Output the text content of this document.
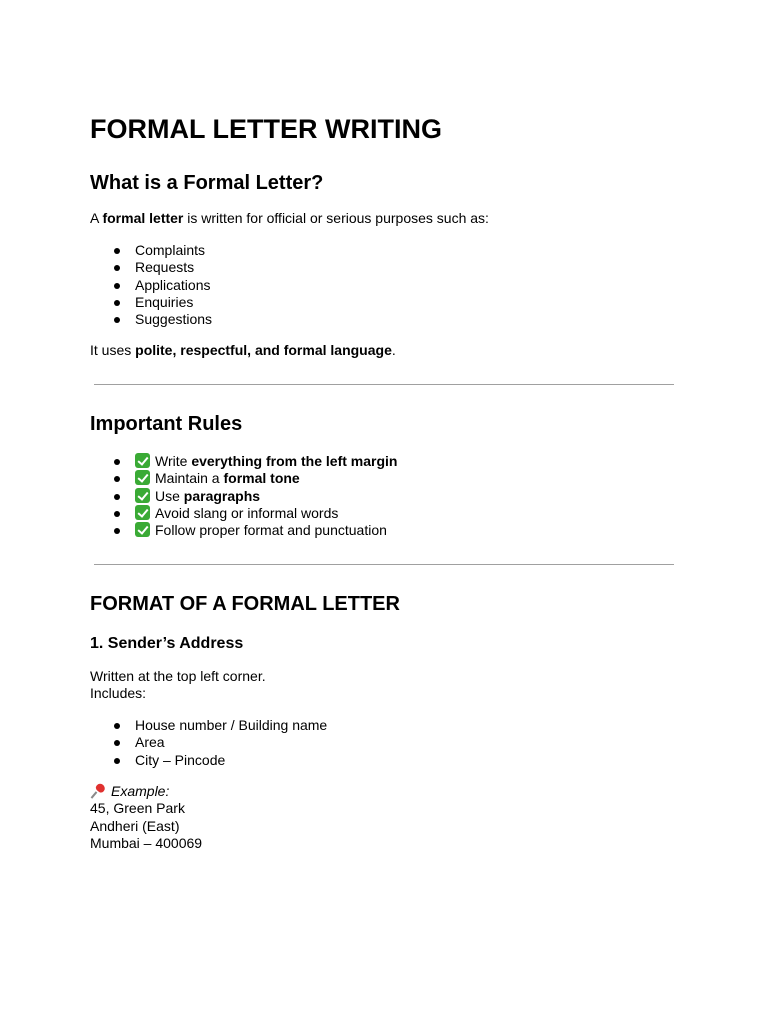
FORMAL LETTER WRITING
What is a Formal Letter?

A formal letter is written for official or serious purposes such as:

Complaints
Requests
Applications
Enquiries
Suggestions

It uses polite, respectful, and formal language.

Important Rules
Write everything from the left margin
Maintain a formal tone
Use paragraphs
Avoid slang or informal words
Follow proper format and punctuation
FORMAT OF A FORMAL LETTER
1. Sender’s Address

Written at the top left corner.
Includes:

House number / Building name
Area
City – Pincode

Example:
45, Green Park
Andheri (East)
Mumbai – 400069
